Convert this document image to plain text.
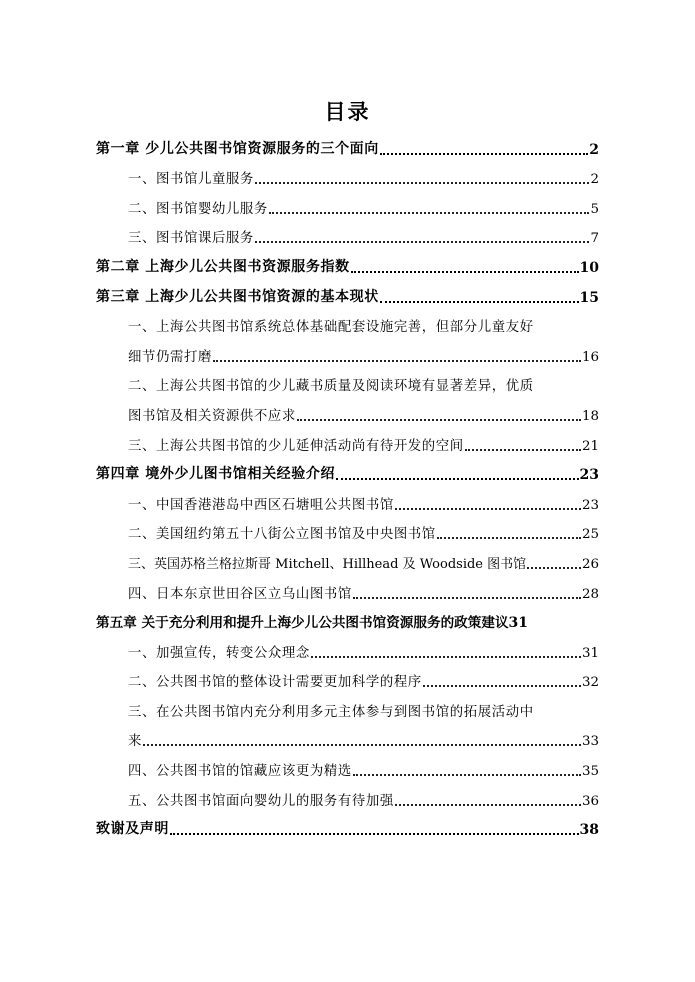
目录
第一章 少儿公共图书馆资源服务的三个面向	2
一、图书馆儿童服务	2
二、图书馆婴幼儿服务	5
三、图书馆课后服务	7
第二章 上海少儿公共图书资源服务指数	10
第三章 上海少儿公共图书馆资源的基本现状	15
一、上海公共图书馆系统总体基础配套设施完善，但部分儿童友好
细节仍需打磨	16
二、上海公共图书馆的少儿藏书质量及阅读环境有显著差异，优质
图书馆及相关资源供不应求	18
三、上海公共图书馆的少儿延伸活动尚有待开发的空间	21
第四章 境外少儿图书馆相关经验介绍	23
一、中国香港港岛中西区石塘咀公共图书馆	23
二、美国纽约第五十八街公立图书馆及中央图书馆	25
三、英国苏格兰格拉斯哥 Mitchell、Hillhead 及 Woodside 图书馆	26
四、日本东京世田谷区立乌山图书馆	28
第五章 关于充分利用和提升上海少儿公共图书馆资源服务的政策建议 31
一、加强宣传，转变公众理念	31
二、公共图书馆的整体设计需要更加科学的程序	32
三、在公共图书馆内充分利用多元主体参与到图书馆的拓展活动中
来	33
四、公共图书馆的馆藏应该更为精选	35
五、公共图书馆面向婴幼儿的服务有待加强	36
致谢及声明	38
